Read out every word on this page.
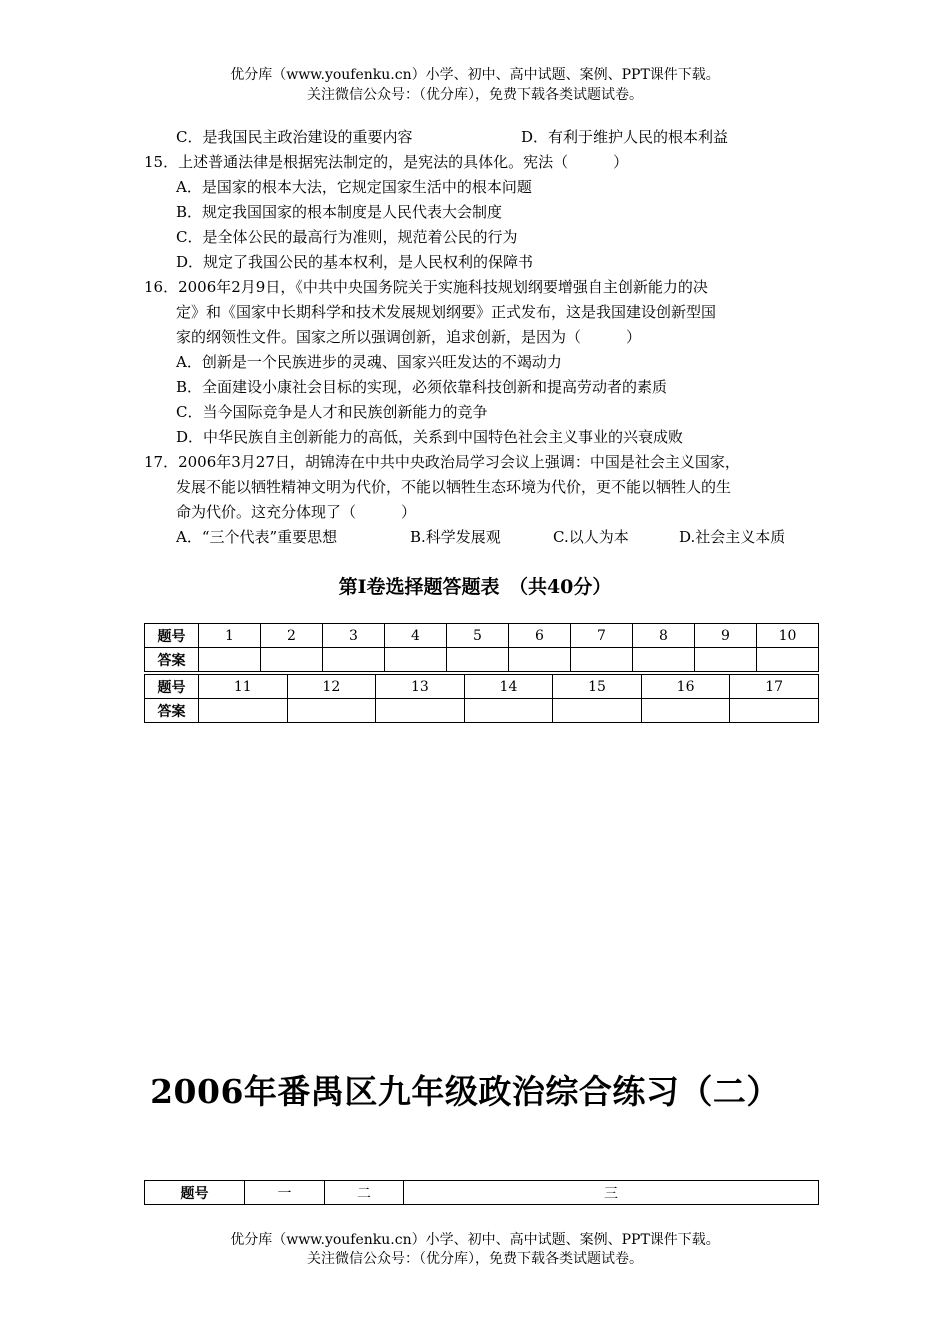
优分库（www.youfenku.cn）小学、初中、高中试题、案例、PPT课件下载。
关注微信公众号：（优分库），免费下载各类试题试卷。
C．是我国民主政治建设的重要内容	D．有利于维护人民的根本利益
15．上述普通法律是根据宪法制定的，是宪法的具体化。宪法（　　　）
A．是国家的根本大法，它规定国家生活中的根本问题
B．规定我国国家的根本制度是人民代表大会制度
C．是全体公民的最高行为准则，规范着公民的行为
D．规定了我国公民的基本权利，是人民权利的保障书
16．2006年2月9日，《中共中央国务院关于实施科技规划纲要增强自主创新能力的决
定》和《国家中长期科学和技术发展规划纲要》正式发布，这是我国建设创新型国
家的纲领性文件。国家之所以强调创新，追求创新，是因为（　　　）
A．创新是一个民族进步的灵魂、国家兴旺发达的不竭动力
B．全面建设小康社会目标的实现，必须依靠科技创新和提高劳动者的素质
C．当今国际竞争是人才和民族创新能力的竞争
D．中华民族自主创新能力的高低，关系到中国特色社会主义事业的兴衰成败
17．2006年3月27日，胡锦涛在中共中央政治局学习会议上强调：中国是社会主义国家，
发展不能以牺牲精神文明为代价，不能以牺牲生态环境为代价，更不能以牺牲人的生
命为代价。这充分体现了（　　　）
A．“三个代表”重要思想	B.科学发展观	C.以人为本	D.社会主义本质
第Ⅰ卷选择题答题表　（共40分）
题号	1	2	3	4	5	6	7	8	9	10
答案										
题号	11	12	13	14	15	16	17
答案							
2006年番禺区九年级政治综合练习（二）
题号	一	二	三
优分库（www.youfenku.cn）小学、初中、高中试题、案例、PPT课件下载。
关注微信公众号：（优分库），免费下载各类试题试卷。
